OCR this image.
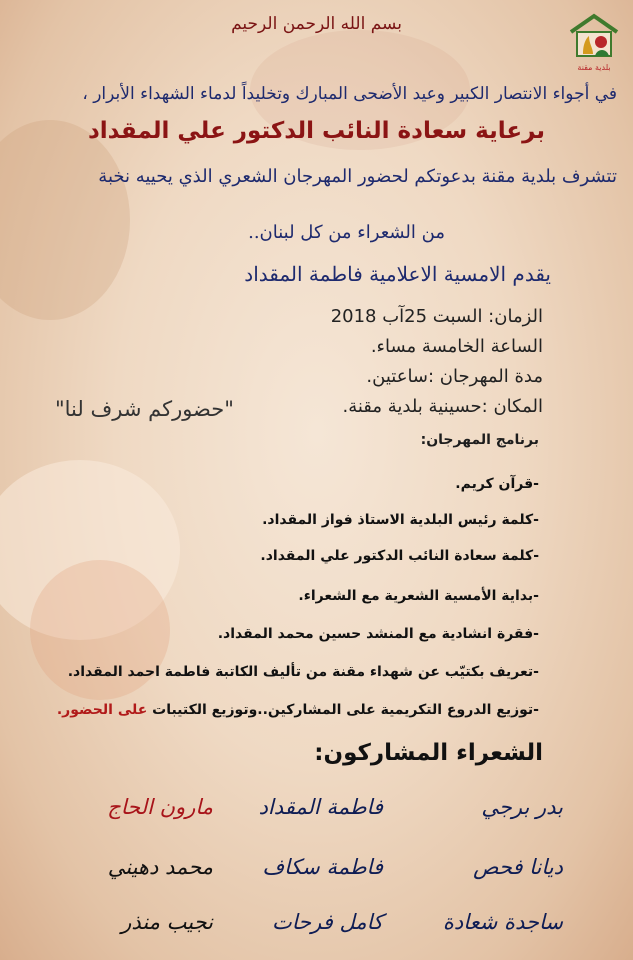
بلدية مقنة
بسم الله الرحمن الرحيم
في أجواء الانتصار الكبير وعيد الأضحى المبارك وتخليداً لدماء الشهداء الأبرار ،
برعاية سعادة النائب الدكتور علي المقداد
تتشرف بلدية مقنة بدعوتكم لحضور المهرجان الشعري الذي يحييه نخبة
من الشعراء من كل لبنان..
يقدم الامسية الاعلامية فاطمة المقداد
الزمان: السبت 25آب 2018
الساعة الخامسة مساء.
مدة المهرجان :ساعتين.
المكان :حسينية بلدية مقنة.
"حضوركم شرف لنا"
برنامج المهرجان:
-قرآن كريم.
-كلمة رئيس البلدية الاستاذ فواز المقداد.
-كلمة سعادة النائب الدكتور علي المقداد.
-بداية الأمسية الشعرية مع الشعراء.
-فقرة انشادية مع المنشد حسين محمد المقداد.
-تعريف بكتيّب عن شهداء مقنة من تأليف الكاتبة فاطمة احمد المقداد.
-توزيع الدروع التكريمية على المشاركين..وتوزيع الكتيبات على الحضور.
الشعراء المشاركون:
بدر برجي
فاطمة المقداد
مارون الحاج
ديانا فحص
فاطمة سكاف
محمد دهيني
ساجدة شعادة
كامل فرحات
نجيب منذر
